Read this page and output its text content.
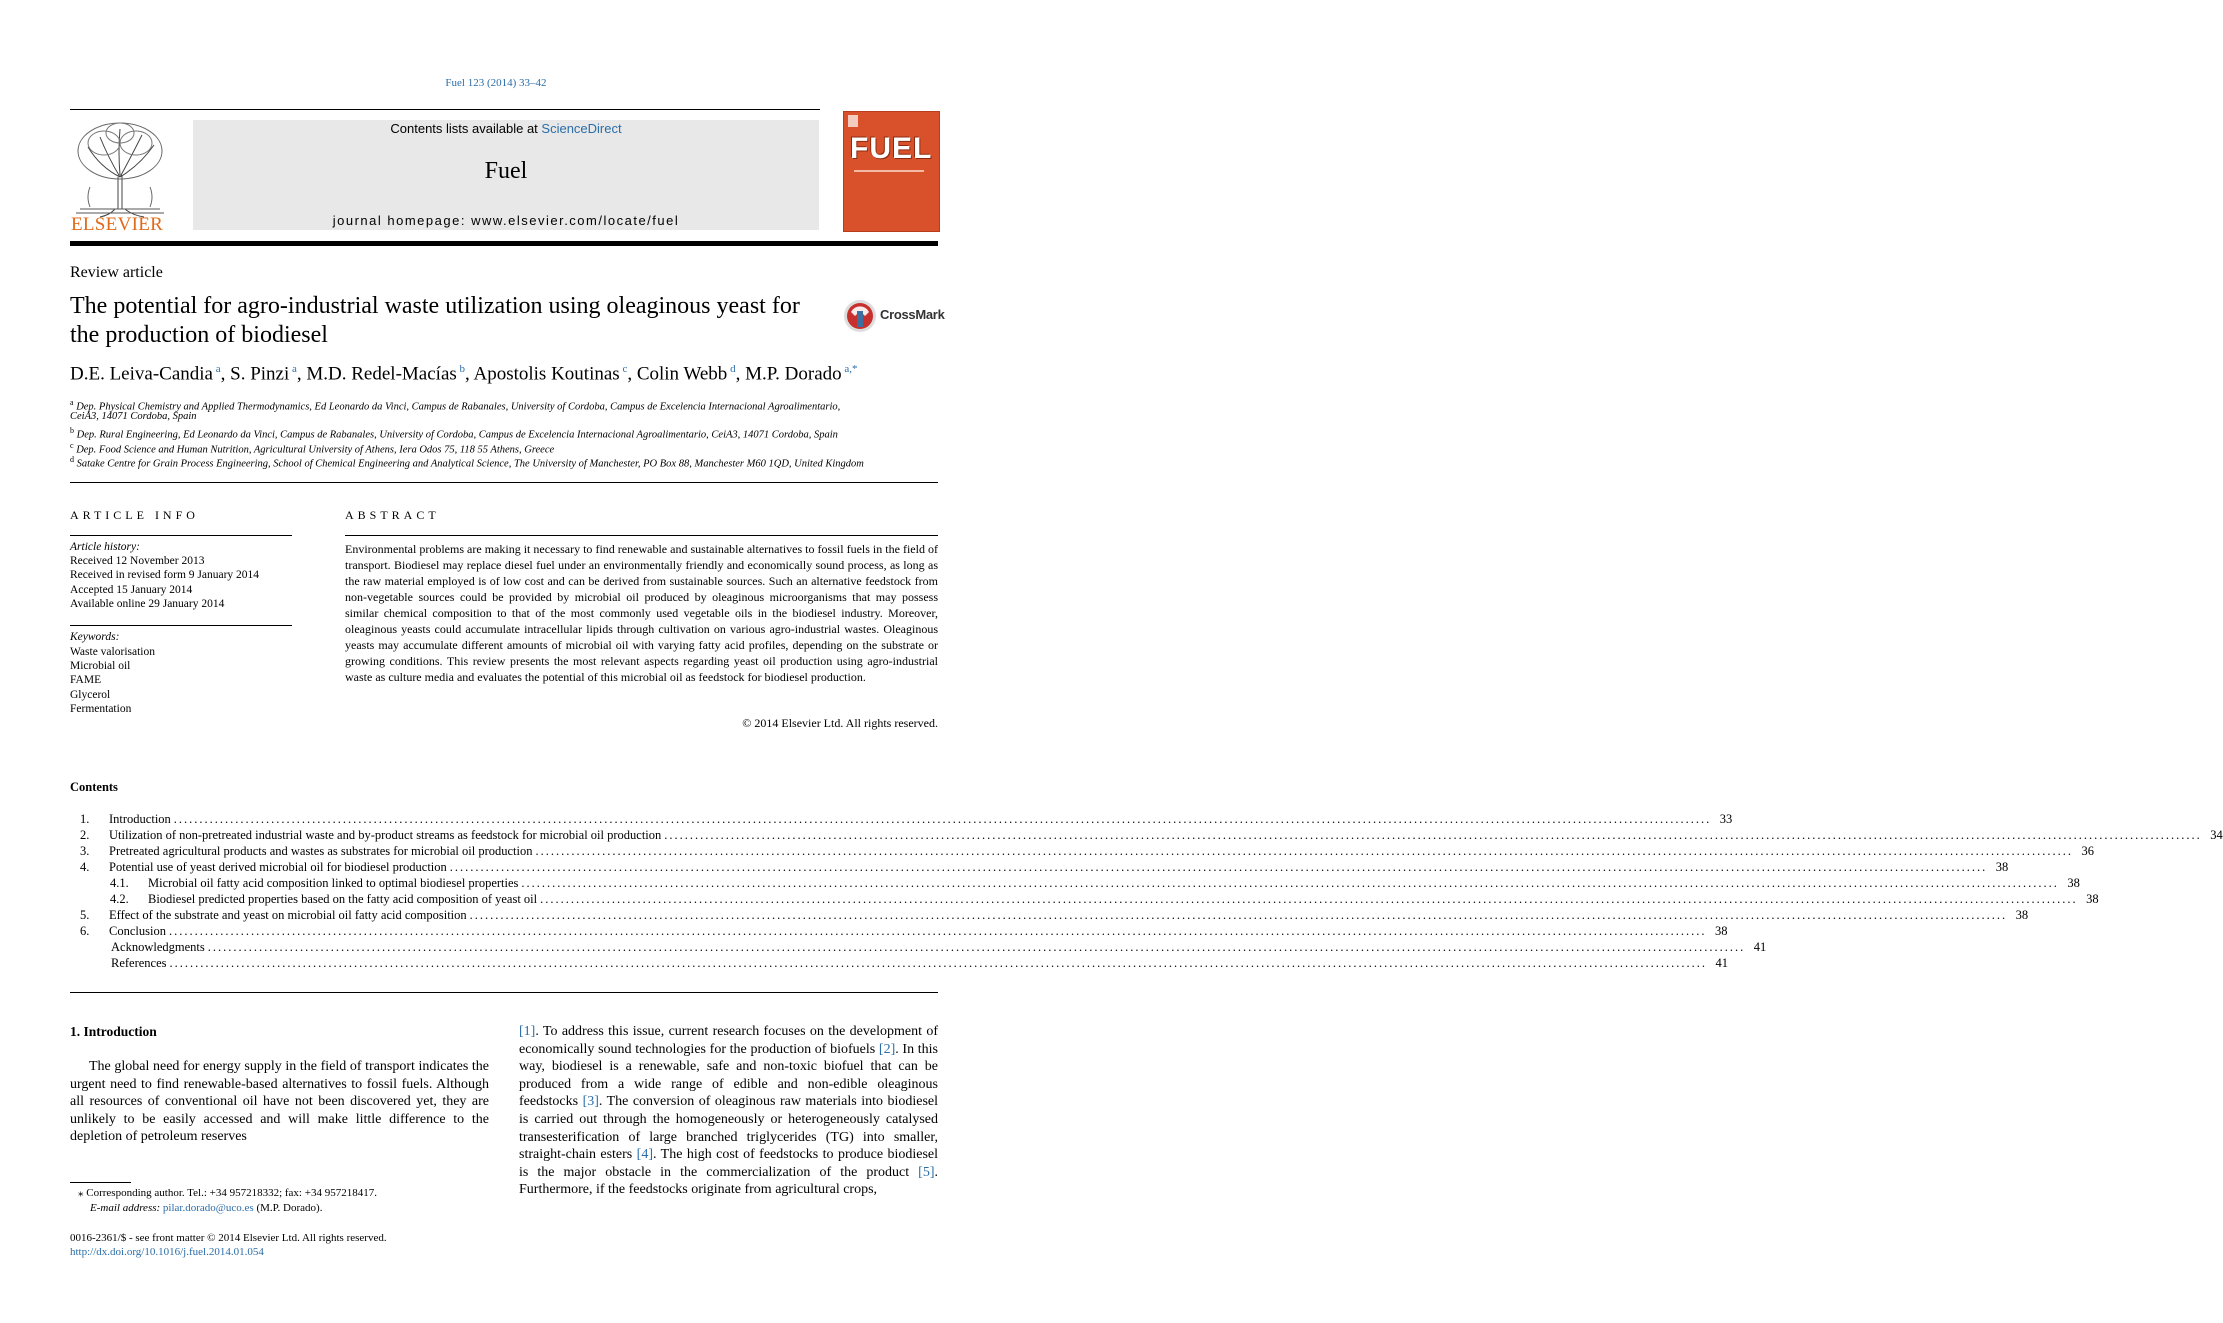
Fuel 123 (2014) 33–42
ELSEVIER
Contents lists available at ScienceDirect
Fuel
journal homepage: www.elsevier.com/locate/fuel
FUEL
Review article
The potential for agro-industrial waste utilization using oleaginous yeast for the production of biodiesel
CrossMark
D.E. Leiva-Candia $^a$, S. Pinzi $^a$, M.D. Redel-Macías $^b$, Apostolis Koutinas $^c$, Colin Webb $^d$, M.P. Dorado $^{a,*}$
$^a$ Dep. Physical Chemistry and Applied Thermodynamics, Ed Leonardo da Vinci, Campus de Rabanales, University of Cordoba, Campus de Excelencia Internacional Agroalimentario,
CeiA3, 14071 Cordoba, Spain
$^b$ Dep. Rural Engineering, Ed Leonardo da Vinci, Campus de Rabanales, University of Cordoba, Campus de Excelencia Internacional Agroalimentario, CeiA3, 14071 Cordoba, Spain
$^c$ Dep. Food Science and Human Nutrition, Agricultural University of Athens, Iera Odos 75, 118 55 Athens, Greece
$^d$ Satake Centre for Grain Process Engineering, School of Chemical Engineering and Analytical Science, The University of Manchester, PO Box 88, Manchester M60 1QD, United Kingdom
ARTICLE INFO
Article history:
Received 12 November 2013
Received in revised form 9 January 2014
Accepted 15 January 2014
Available online 29 January 2014
Keywords:
Waste valorisation
Microbial oil
FAME
Glycerol
Fermentation
ABSTRACT
Environmental problems are making it necessary to find renewable and sustainable alternatives to fossil fuels in the field of transport. Biodiesel may replace diesel fuel under an environmentally friendly and economically sound process, as long as the raw material employed is of low cost and can be derived from sustainable sources. Such an alternative feedstock from non-vegetable sources could be provided by microbial oil produced by oleaginous microorganisms that may possess similar chemical composition to that of the most commonly used vegetable oils in the biodiesel industry. Moreover, oleaginous yeasts could accumulate intracellular lipids through cultivation on various agro-industrial wastes. Oleaginous yeasts may accumulate different amounts of microbial oil with varying fatty acid profiles, depending on the substrate or growing conditions. This review presents the most relevant aspects regarding yeast oil production using agro-industrial waste as culture media and evaluates the potential of this microbial oil as feedstock for biodiesel production.
© 2014 Elsevier Ltd. All rights reserved.
Contents
1.	Introduction ............................................................................................................................................................................................................................................................................................................ 33
2.	Utilization of non-pretreated industrial waste and by-product streams as feedstock for microbial oil production ............................................................................................................................................................................................................................................................................................................ 34
3.	Pretreated agricultural products and wastes as substrates for microbial oil production ............................................................................................................................................................................................................................................................................................................ 36
4.	Potential use of yeast derived microbial oil for biodiesel production ............................................................................................................................................................................................................................................................................................................ 38
4.1.	Microbial oil fatty acid composition linked to optimal biodiesel properties ............................................................................................................................................................................................................................................................................................................ 38
4.2.	Biodiesel predicted properties based on the fatty acid composition of yeast oil ............................................................................................................................................................................................................................................................................................................ 38
5.	Effect of the substrate and yeast on microbial oil fatty acid composition ............................................................................................................................................................................................................................................................................................................ 38
6.	Conclusion ............................................................................................................................................................................................................................................................................................................ 38
Acknowledgments ............................................................................................................................................................................................................................................................................................................ 41
References ............................................................................................................................................................................................................................................................................................................ 41
1. Introduction
The global need for energy supply in the field of transport indicates the urgent need to find renewable-based alternatives to fossil fuels. Although all resources of conventional oil have not been discovered yet, they are unlikely to be easily accessed and will make little difference to the depletion of petroleum reserves
[1]. To address this issue, current research focuses on the development of economically sound technologies for the production of biofuels [2]. In this way, biodiesel is a renewable, safe and non-toxic biofuel that can be produced from a wide range of edible and non-edible oleaginous feedstocks [3]. The conversion of oleaginous raw materials into biodiesel is carried out through the homogeneously or heterogeneously catalysed transesterification of large branched triglycerides (TG) into smaller, straight-chain esters [4]. The high cost of feedstocks to produce biodiesel is the major obstacle in the commercialization of the product [5]. Furthermore, if the feedstocks originate from agricultural crops,
⁎ Corresponding author. Tel.: +34 957218332; fax: +34 957218417.
E-mail address: pilar.dorado@uco.es (M.P. Dorado).
0016-2361/$ - see front matter © 2014 Elsevier Ltd. All rights reserved.
http://dx.doi.org/10.1016/j.fuel.2014.01.054
